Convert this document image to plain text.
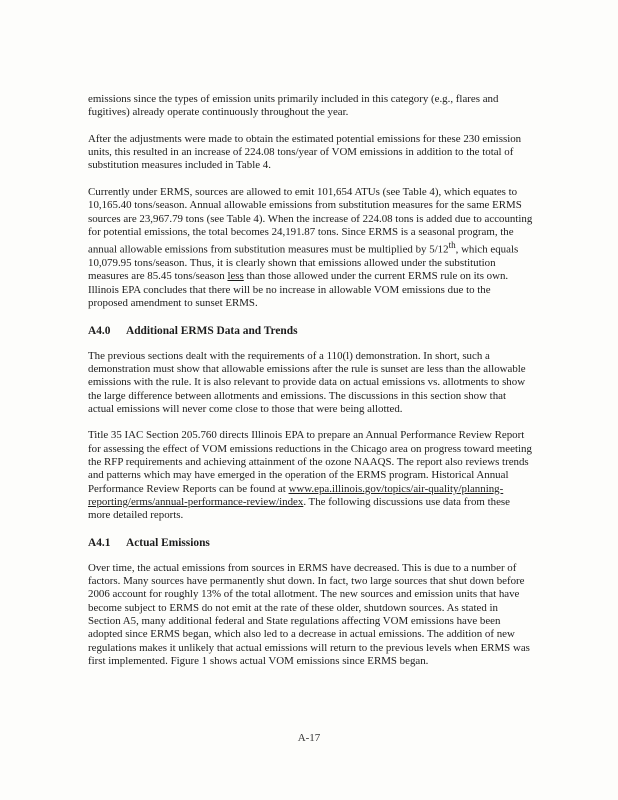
emissions since the types of emission units primarily included in this category (e.g., flares and fugitives) already operate continuously throughout the year.

After the adjustments were made to obtain the estimated potential emissions for these 230 emission units, this resulted in an increase of 224.08 tons/year of VOM emissions in addition to the total of substitution measures included in Table 4.

Currently under ERMS, sources are allowed to emit 101,654 ATUs (see Table 4), which equates to 10,165.40 tons/season. Annual allowable emissions from substitution measures for the same ERMS sources are 23,967.79 tons (see Table 4). When the increase of 224.08 tons is added due to accounting for potential emissions, the total becomes 24,191.87 tons. Since ERMS is a seasonal program, the annual allowable emissions from substitution measures must be multiplied by 5/12th, which equals 10,079.95 tons/season. Thus, it is clearly shown that emissions allowed under the substitution measures are 85.45 tons/season less than those allowed under the current ERMS rule on its own. Illinois EPA concludes that there will be no increase in allowable VOM emissions due to the proposed amendment to sunset ERMS.

A4.0 Additional ERMS Data and Trends

The previous sections dealt with the requirements of a 110(l) demonstration. In short, such a demonstration must show that allowable emissions after the rule is sunset are less than the allowable emissions with the rule. It is also relevant to provide data on actual emissions vs. allotments to show the large difference between allotments and emissions. The discussions in this section show that actual emissions will never come close to those that were being allotted.

Title 35 IAC Section 205.760 directs Illinois EPA to prepare an Annual Performance Review Report for assessing the effect of VOM emissions reductions in the Chicago area on progress toward meeting the RFP requirements and achieving attainment of the ozone NAAQS. The report also reviews trends and patterns which may have emerged in the operation of the ERMS program. Historical Annual Performance Review Reports can be found at www.epa.illinois.gov/topics/air-quality/planning-reporting/erms/annual-performance-review/index. The following discussions use data from these more detailed reports.

A4.1 Actual Emissions

Over time, the actual emissions from sources in ERMS have decreased. This is due to a number of factors. Many sources have permanently shut down. In fact, two large sources that shut down before 2006 account for roughly 13% of the total allotment. The new sources and emission units that have become subject to ERMS do not emit at the rate of these older, shutdown sources. As stated in Section A5, many additional federal and State regulations affecting VOM emissions have been adopted since ERMS began, which also led to a decrease in actual emissions. The addition of new regulations makes it unlikely that actual emissions will return to the previous levels when ERMS was first implemented. Figure 1 shows actual VOM emissions since ERMS began.

A-17
